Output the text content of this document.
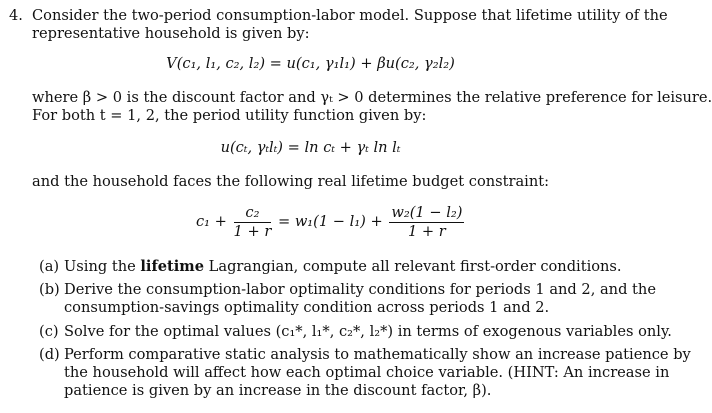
4. Consider the two-period consumption-labor model. Suppose that lifetime utility of the
representative household is given by:
V(c₁, l₁, c₂, l₂) = u(c₁, γ₁l₁) + βu(c₂, γ₂l₂)
where β > 0 is the discount factor and γₜ > 0 determines the relative preference for leisure.
For both t = 1, 2, the period utility function given by:
u(cₜ, γₜlₜ) = ln cₜ + γₜ ln lₜ
and the household faces the following real lifetime budget constraint:
$c_1 + \frac{\text{c₂}}{1 + r} = w_1(1 - l_1) + \frac{\text{w₂(1 − l₂)}}{1 + r}$
(a) Using the lifetime Lagrangian, compute all relevant first-order conditions.
(b) Derive the consumption-labor optimality conditions for periods 1 and 2, and the
consumption-savings optimality condition across periods 1 and 2.
(c) Solve for the optimal values (c₁*, l₁*, c₂*, l₂*) in terms of exogenous variables only.
(d) Perform comparative static analysis to mathematically show an increase patience by
the household will affect how each optimal choice variable. (HINT: An increase in
patience is given by an increase in the discount factor, β).
